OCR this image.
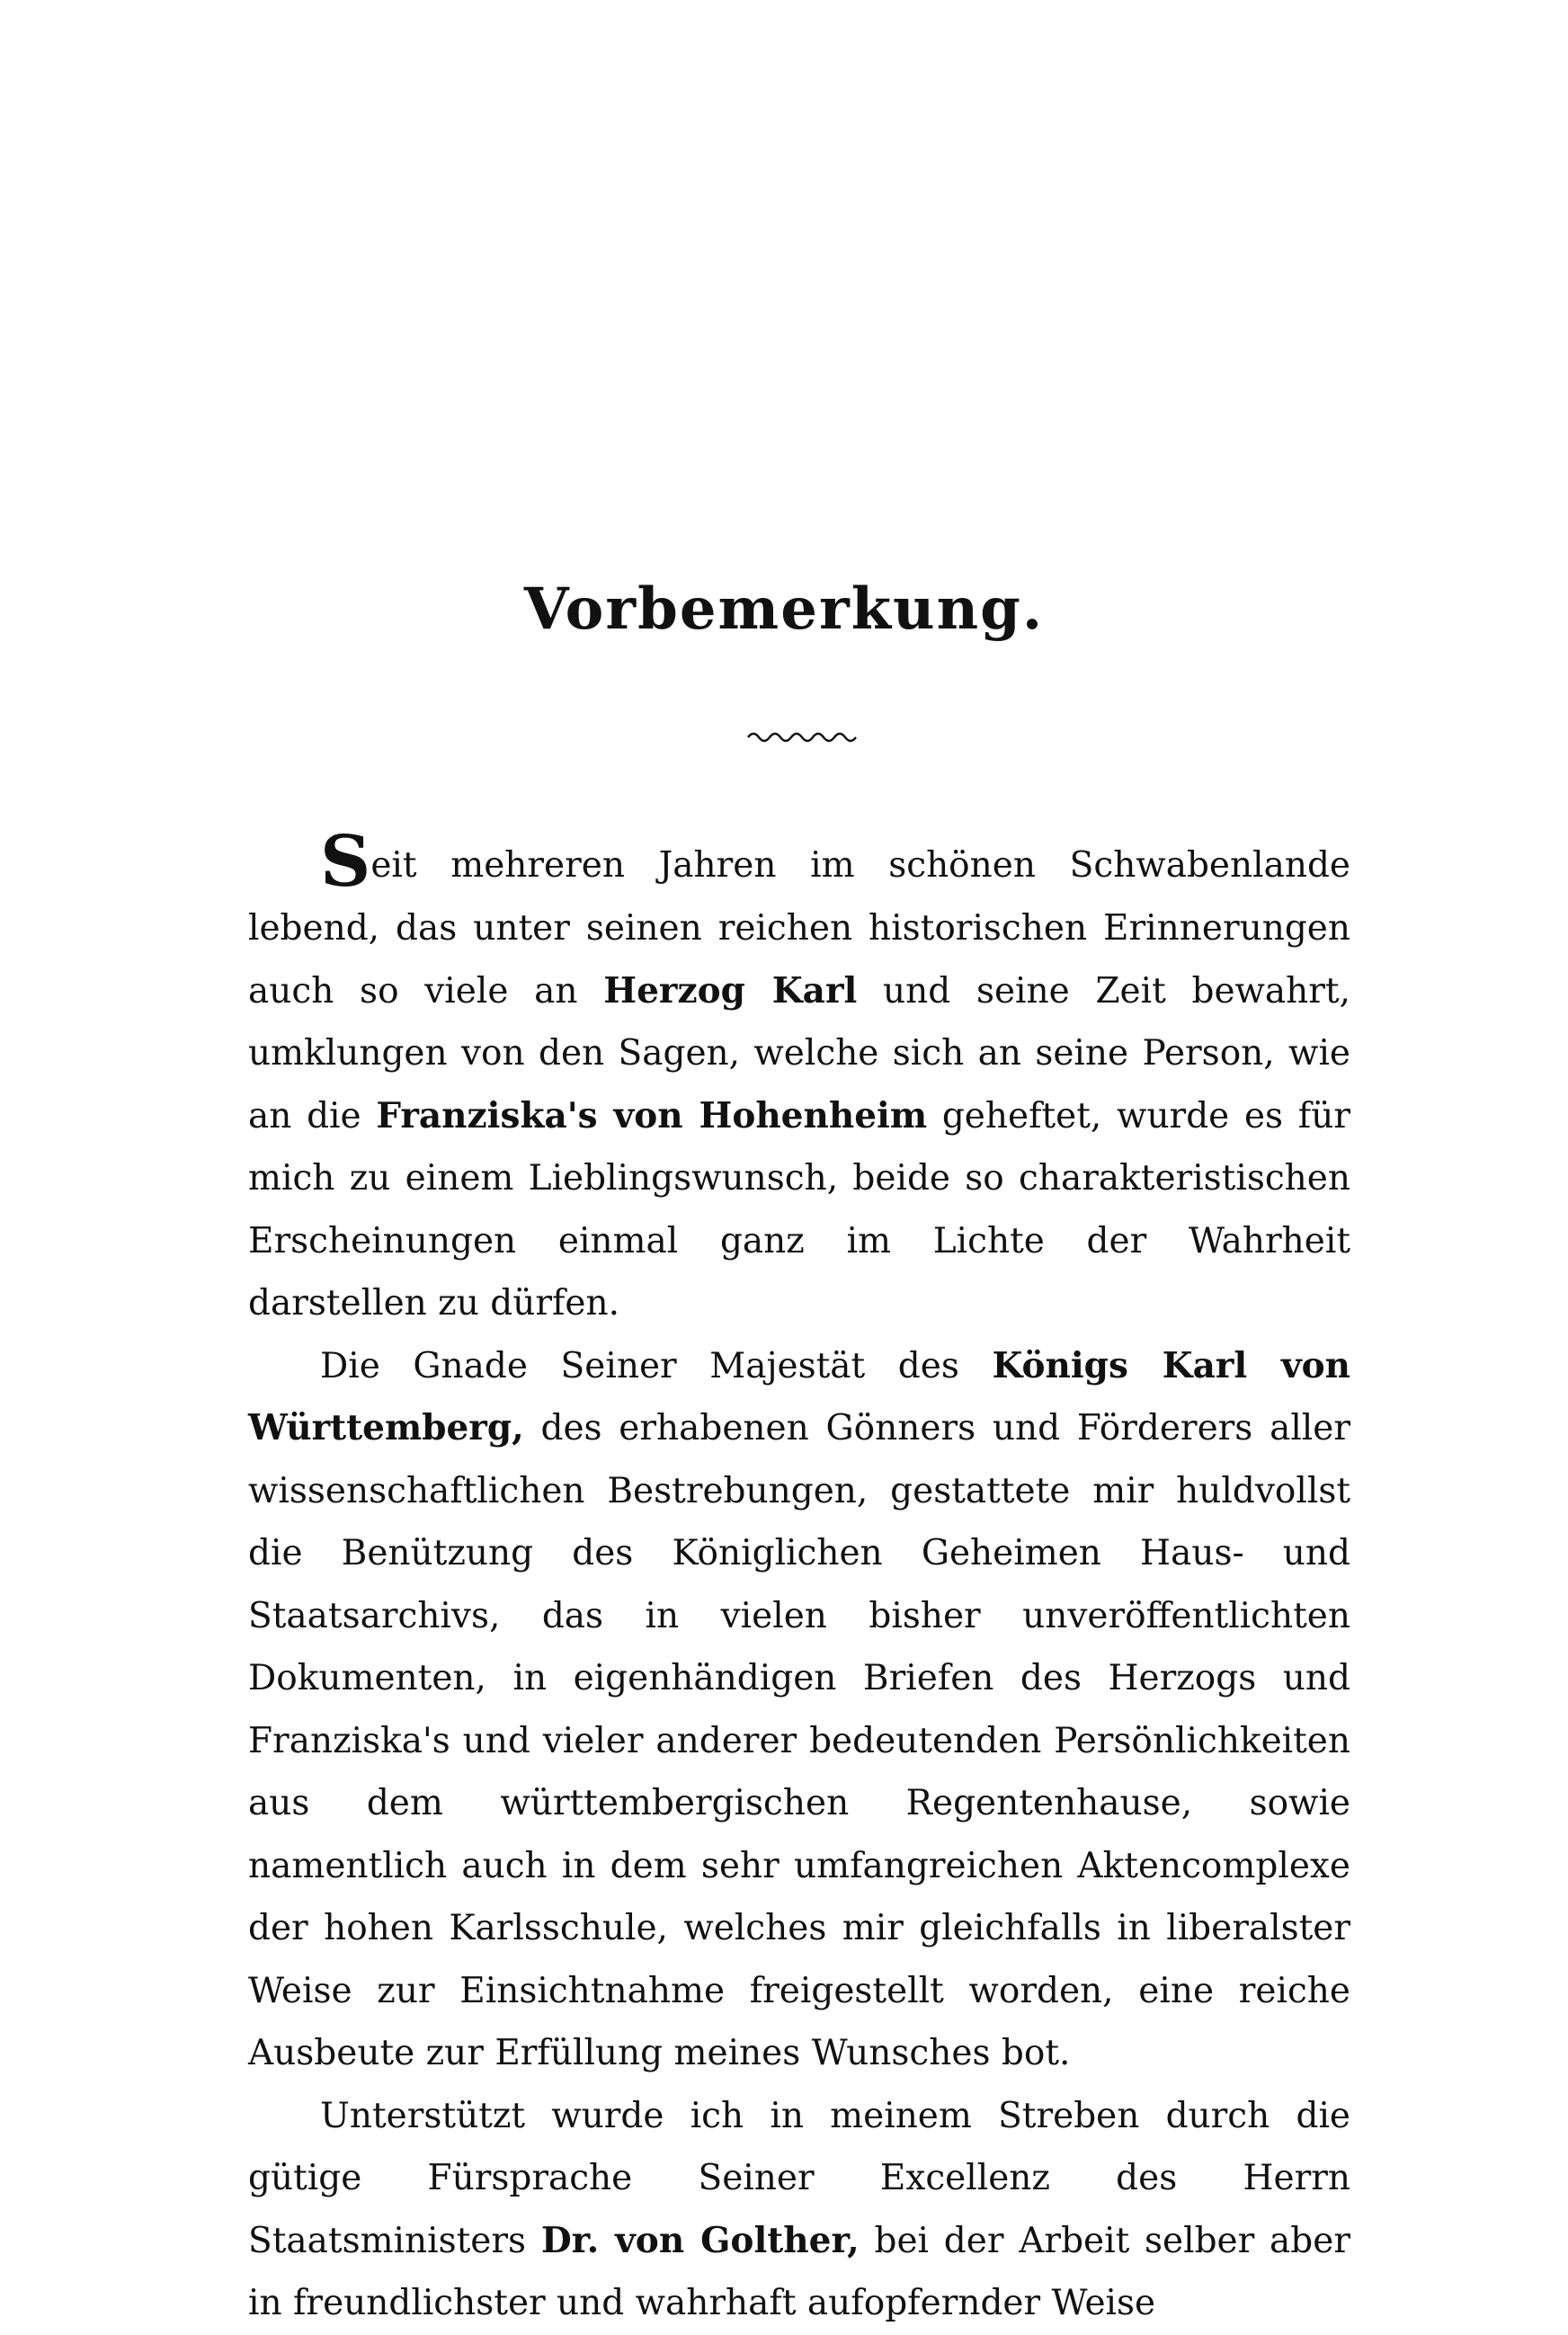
Vorbemerkung.

Seit mehreren Jahren im schönen Schwabenlande lebend, das unter seinen reichen historischen Erinnerungen auch so viele an Herzog Karl und seine Zeit bewahrt, umklungen von den Sagen, welche sich an seine Person, wie an die Franziska's von Hohenheim geheftet, wurde es für mich zu einem Lieblingswunsch, beide so charakteristischen Erscheinungen einmal ganz im Lichte der Wahrheit darstellen zu dürfen.

Die Gnade Seiner Majestät des Königs Karl von Württemberg, des erhabenen Gönners und Förderers aller wissenschaftlichen Bestrebungen, gestattete mir huldvollst die Benützung des Königlichen Geheimen Haus- und Staatsarchivs, das in vielen bisher unveröffentlichten Dokumenten, in eigenhändigen Briefen des Herzogs und Franziska's und vieler anderer bedeutenden Persönlichkeiten aus dem württembergischen Regentenhause, sowie namentlich auch in dem sehr umfangreichen Aktencomplexe der hohen Karlsschule, welches mir gleichfalls in liberalster Weise zur Einsichtnahme freigestellt worden, eine reiche Ausbeute zur Erfüllung meines Wunsches bot.

Unterstützt wurde ich in meinem Streben durch die gütige Fürsprache Seiner Excellenz des Herrn Staatsministers Dr. von Golther, bei der Arbeit selber aber in freundlichster und wahrhaft aufopfernder Weise
